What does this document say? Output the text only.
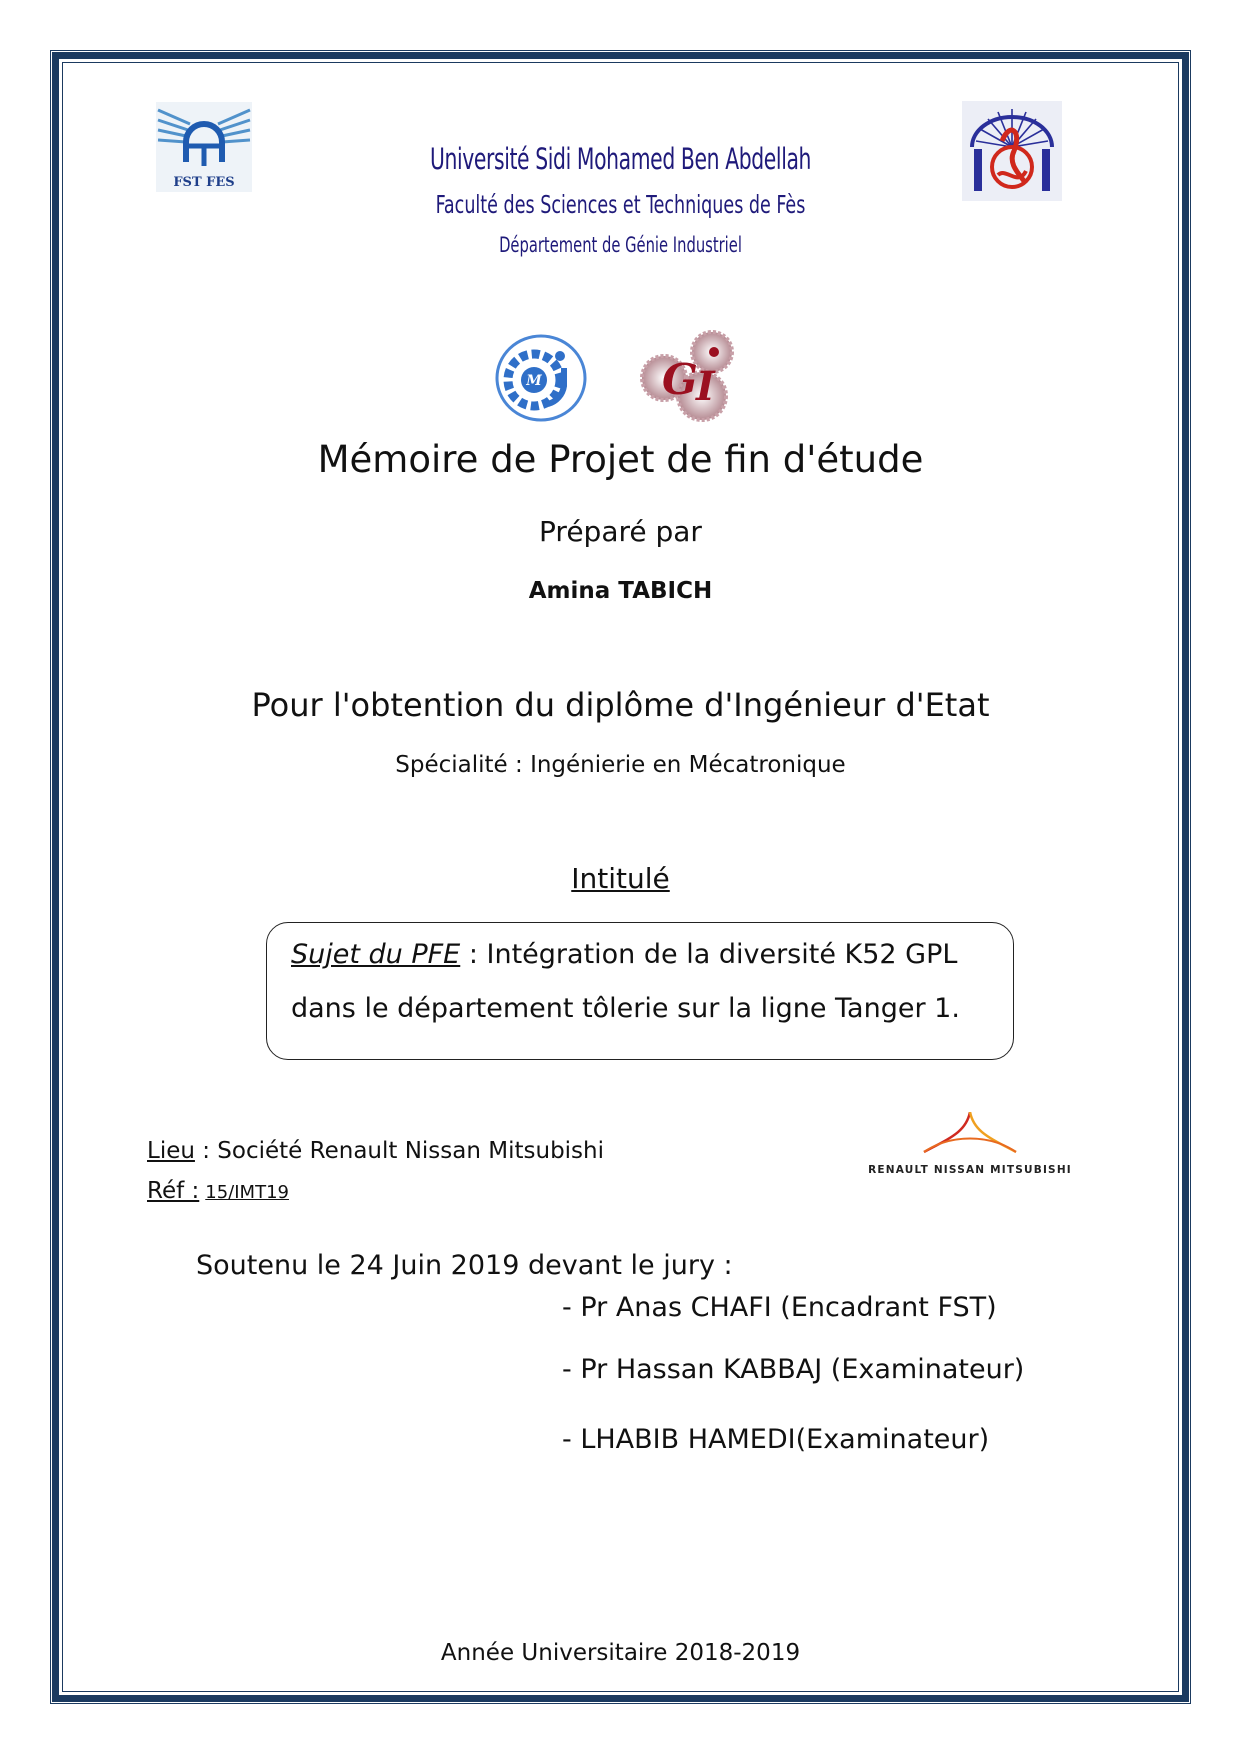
FST FES
Université Sidi Mohamed Ben Abdellah
Faculté des Sciences et Techniques de Fès
Département de Génie Industriel
M	G
I
Mémoire de Projet de fin d'étude
Préparé par
Amina TABICH
Pour l'obtention du diplôme d'Ingénieur d'Etat
Spécialité : Ingénierie en Mécatronique
Intitulé
Sujet du PFE : Intégration de la diversité K52 GPL
dans le département tôlerie sur la ligne Tanger 1.
Lieu : Société Renault Nissan Mitsubishi
Réf : 15/IMT19
RENAULT NISSAN MITSUBISHI
Soutenu le 24 Juin 2019 devant le jury :
- Pr Anas CHAFI (Encadrant FST)
- Pr Hassan KABBAJ (Examinateur)
- LHABIB HAMEDI(Examinateur)
Année Universitaire 2018-2019
